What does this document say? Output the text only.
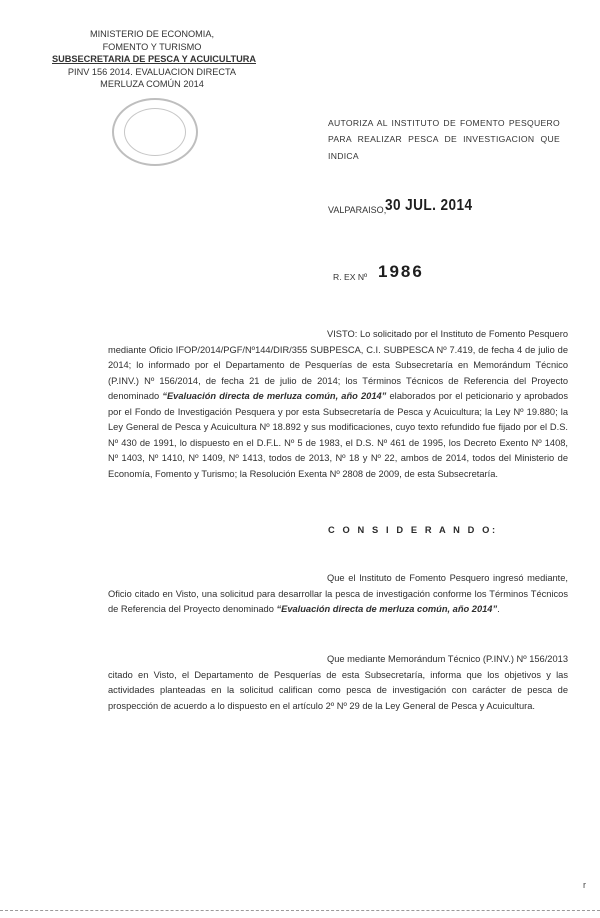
MINISTERIO DE ECONOMIA,
FOMENTO Y TURISMO
SUBSECRETARIA DE PESCA Y ACUICULTURA
PINV 156 2014. EVALUACION DIRECTA
MERLUZA COMÚN 2014
AUTORIZA AL INSTITUTO DE FOMENTO PESQUERO PARA REALIZAR PESCA DE INVESTIGACION QUE INDICA
VALPARAISO,
30 JUL. 2014
R. EX Nº 1986
VISTO: Lo solicitado por el Instituto de Fomento Pesquero mediante Oficio IFOP/2014/PGF/Nº144/DIR/355 SUBPESCA, C.I. SUBPESCA Nº 7.419, de fecha 4 de julio de 2014; lo informado por el Departamento de Pesquerías de esta Subsecretaría en Memorándum Técnico (P.INV.) Nº 156/2014, de fecha 21 de julio de 2014; los Términos Técnicos de Referencia del Proyecto denominado “Evaluación directa de merluza común, año 2014” elaborados por el peticionario y aprobados por el Fondo de Investigación Pesquera y por esta Subsecretaría de Pesca y Acuicultura; la Ley Nº 19.880; la Ley General de Pesca y Acuicultura Nº 18.892 y sus modificaciones, cuyo texto refundido fue fijado por el D.S. Nº 430 de 1991, lo dispuesto en el D.F.L. Nº 5 de 1983, el D.S. Nº 461 de 1995, los Decreto Exento Nº 1408, Nº 1403, Nº 1410, Nº 1409, Nº 1413, todos de 2013, Nº 18 y Nº 22, ambos de 2014, todos del Ministerio de Economía, Fomento y Turismo; la Resolución Exenta Nº 2808 de 2009, de esta Subsecretaría.
C O N S I D E R A N D O:
Que el Instituto de Fomento Pesquero ingresó mediante, Oficio citado en Visto, una solicitud para desarrollar la pesca de investigación conforme los Términos Técnicos de Referencia del Proyecto denominado “Evaluación directa de merluza común, año 2014”.
Que mediante Memorándum Técnico (P.INV.) Nº 156/2013 citado en Visto, el Departamento de Pesquerías de esta Subsecretaría, informa que los objetivos y las actividades planteadas en la solicitud califican como pesca de investigación con carácter de pesca de prospección de acuerdo a lo dispuesto en el artículo 2º Nº 29 de la Ley General de Pesca y Acuicultura.
r
